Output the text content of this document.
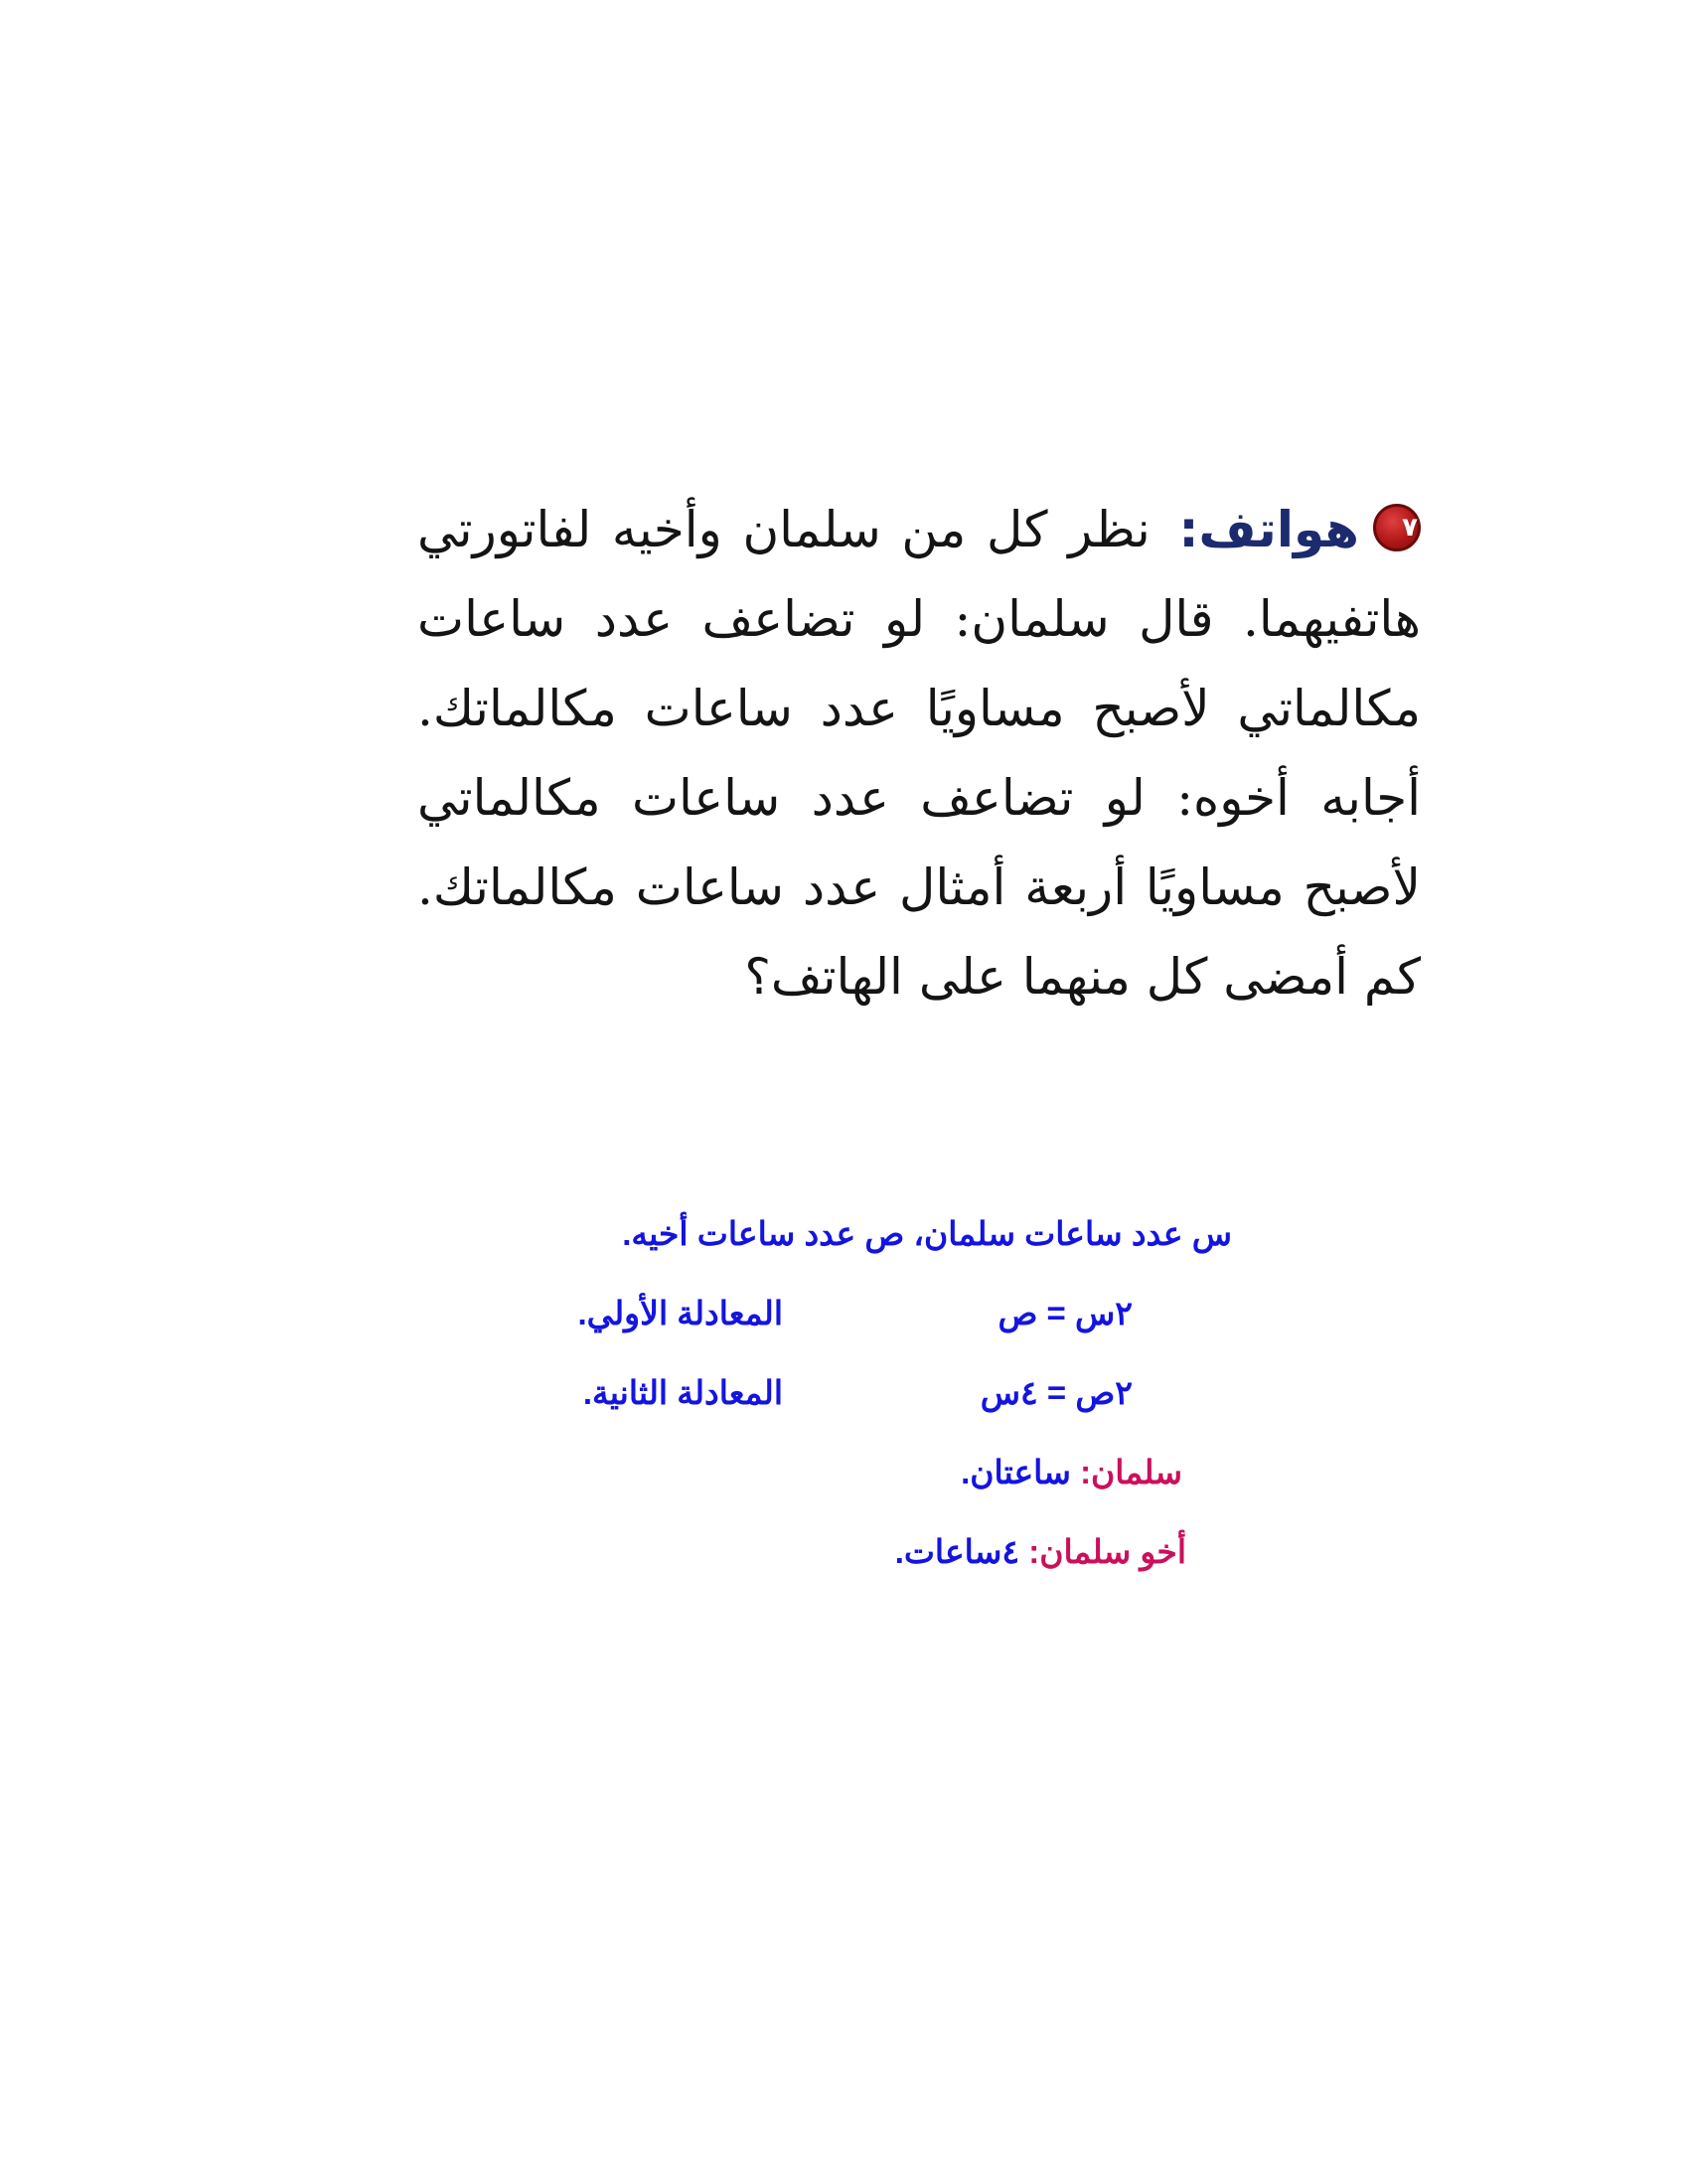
٧هواتف: نظر كل من سلمان وأخيه لفاتورتي
هاتفيهما. قال سلمان: لو تضاعف عدد ساعات
مكالماتي لأصبح مساويًا عدد ساعات مكالماتك.
أجابه أخوه: لو تضاعف عدد ساعات مكالماتي
لأصبح مساويًا أربعة أمثال عدد ساعات مكالماتك.
كم أمضى كل منهما على الهاتف؟
س عدد ساعات سلمان، ص عدد ساعات أخيه.
٢س = ص
المعادلة الأولي.
٢ص = ٤س
المعادلة الثانية.
سلمان: ساعتان.
أخو سلمان: ٤ساعات.
